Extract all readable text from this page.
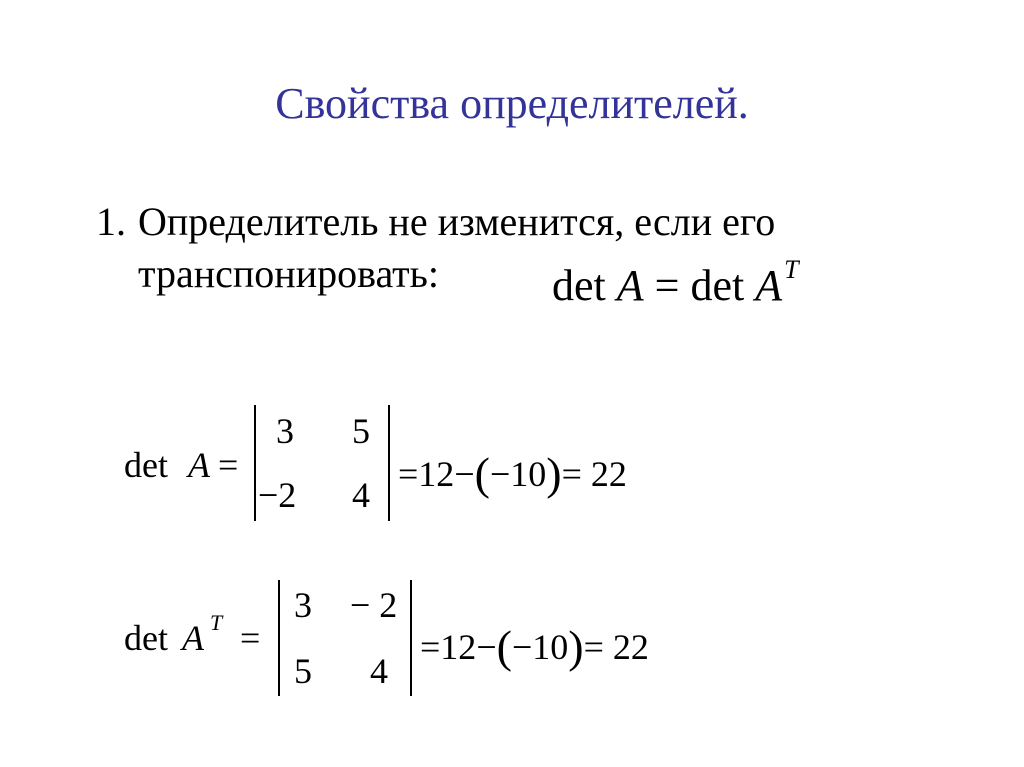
Свойства определителей.
1. Определитель не изменится, если его
транспонировать:	$\det A = \det A^T$
det A =
3 5
−2 4
=12−(−10)= 22
det A T =
3 − 2
5 4
=12−(−10)= 22
